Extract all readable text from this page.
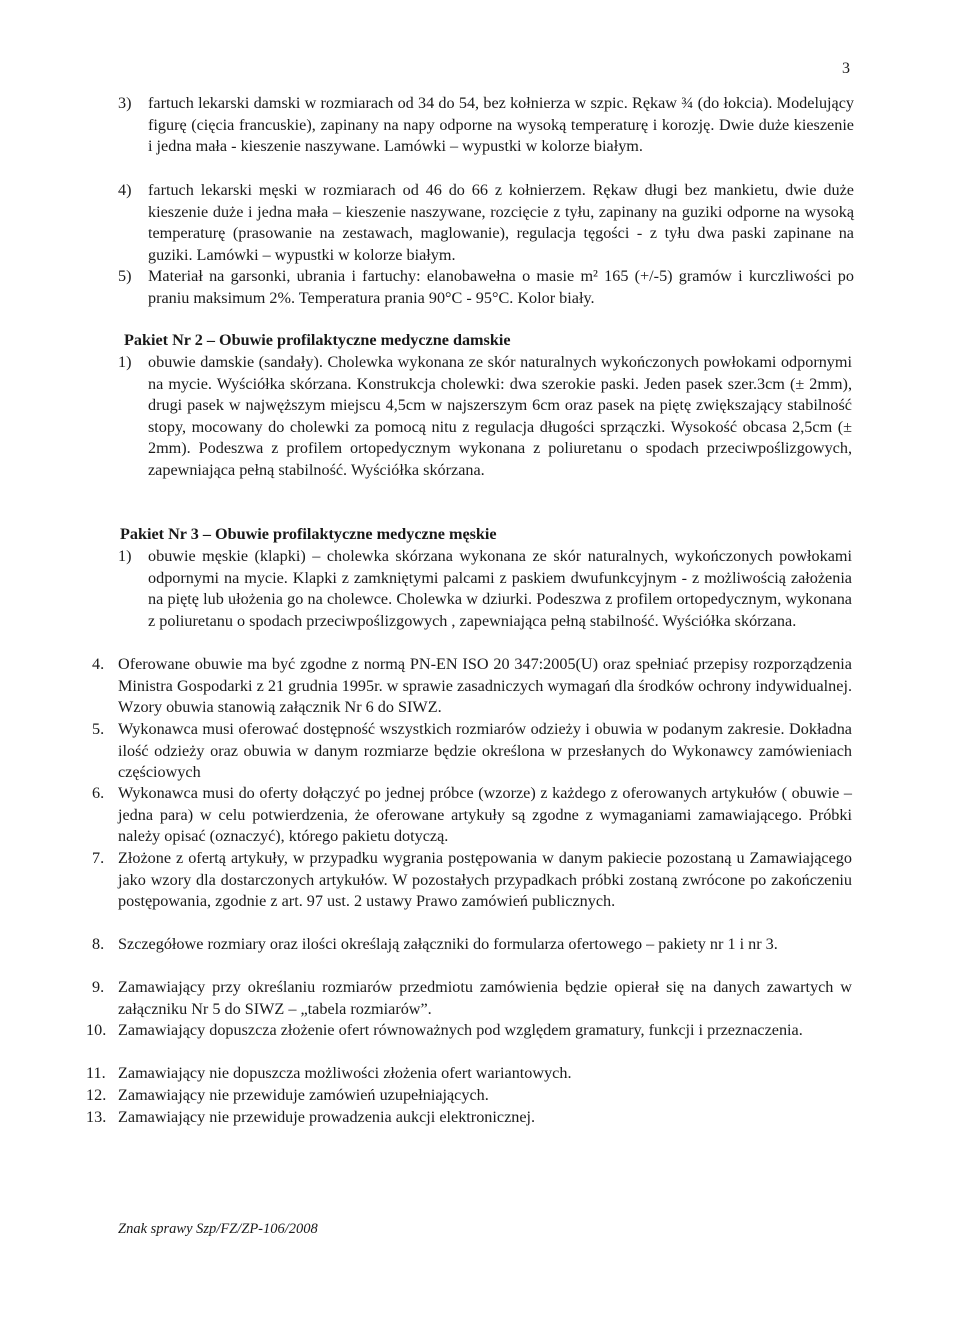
3
3) fartuch lekarski damski w rozmiarach od 34 do 54, bez kołnierza w szpic. Rękaw ¾ (do łokcia). Modelujący figurę (cięcia francuskie), zapinany na napy odporne na wysoką temperaturę i korozję. Dwie duże kieszenie i jedna mała - kieszenie naszywane. Lamówki – wypustki w kolorze białym.

4) fartuch lekarski męski w rozmiarach od 46 do 66 z kołnierzem. Rękaw długi bez mankietu, dwie duże kieszenie duże i jedna mała – kieszenie naszywane, rozcięcie z tyłu, zapinany na guziki odporne na wysoką temperaturę (prasowanie na zestawach, maglowanie), regulacja tęgości - z tyłu dwa paski zapinane na guziki. Lamówki – wypustki w kolorze białym.

5) Materiał na garsonki, ubrania i fartuchy: elanobawełna o masie m² 165 (+/-5) gramów i kurczliwości po praniu maksimum 2%. Temperatura prania 90°C - 95°C. Kolor biały.

Pakiet Nr 2 – Obuwie profilaktyczne medyczne damskie
1) obuwie damskie (sandały). Cholewka wykonana ze skór naturalnych wykończonych powłokami odpornymi na mycie. Wyściółka skórzana. Konstrukcja cholewki: dwa szerokie paski. Jeden pasek szer.3cm (± 2mm), drugi pasek w najwęższym miejscu 4,5cm w najszerszym 6cm oraz pasek na piętę zwiększający stabilność stopy, mocowany do cholewki za pomocą nitu z regulacja długości sprzączki. Wysokość obcasa 2,5cm (± 2mm). Podeszwa z profilem ortopedycznym wykonana z poliuretanu o spodach przeciwpoślizgowych, zapewniająca pełną stabilność. Wyściółka skórzana.

Pakiet Nr 3 – Obuwie profilaktyczne medyczne męskie
1) obuwie męskie (klapki) – cholewka skórzana wykonana ze skór naturalnych, wykończonych powłokami odpornymi na mycie. Klapki z zamkniętymi palcami z paskiem dwufunkcyjnym - z możliwością założenia na piętę lub ułożenia go na cholewce. Cholewka w dziurki. Podeszwa z profilem ortopedycznym, wykonana z poliuretanu o spodach przeciwpoślizgowych , zapewniająca pełną stabilność. Wyściółka skórzana.

4. Oferowane obuwie ma być zgodne z normą PN-EN ISO 20 347:2005(U) oraz spełniać przepisy rozporządzenia Ministra Gospodarki z 21 grudnia 1995r. w sprawie zasadniczych wymagań dla środków ochrony indywidualnej. Wzory obuwia stanowią załącznik Nr 6 do SIWZ.

5. Wykonawca musi oferować dostępność wszystkich rozmiarów odzieży i obuwia w podanym zakresie. Dokładna ilość odzieży oraz obuwia w danym rozmiarze będzie określona w przesłanych do Wykonawcy zamówieniach częściowych

6. Wykonawca musi do oferty dołączyć po jednej próbce (wzorze) z każdego z oferowanych artykułów ( obuwie – jedna para) w celu potwierdzenia, że oferowane artykuły są zgodne z wymaganiami zamawiającego. Próbki należy opisać (oznaczyć), którego pakietu dotyczą.

7. Złożone z ofertą artykuły, w przypadku wygrania postępowania w danym pakiecie pozostaną u Zamawiającego jako wzory dla dostarczonych artykułów. W pozostałych przypadkach próbki zostaną zwrócone po zakończeniu postępowania, zgodnie z art. 97 ust. 2 ustawy Prawo zamówień publicznych.

8. Szczegółowe rozmiary oraz ilości określają załączniki do formularza ofertowego – pakiety nr 1 i nr 3.

9. Zamawiający przy określaniu rozmiarów przedmiotu zamówienia będzie opierał się na danych zawartych w załączniku Nr 5 do SIWZ – „tabela rozmiarów”.

10. Zamawiający dopuszcza złożenie ofert równoważnych pod względem gramatury, funkcji i przeznaczenia.

11. Zamawiający nie dopuszcza możliwości złożenia ofert wariantowych.

12. Zamawiający nie przewiduje zamówień uzupełniających.

13. Zamawiający nie przewiduje prowadzenia aukcji elektronicznej.

Znak sprawy Szp/FZ/ZP-106/2008
